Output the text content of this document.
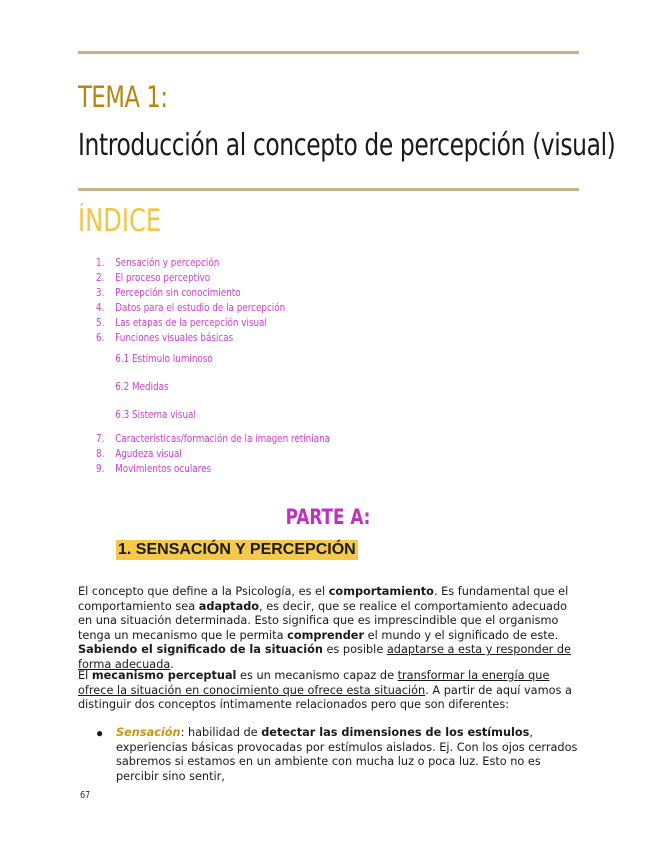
TEMA 1:
Introducción al concepto de percepción (visual)
ÍNDICE
1. Sensación y percepción
2. El proceso perceptivo
3. Percepción sin conocimiento
4. Datos para el estudio de la percepción
5. Las etapas de la percepción visual
6. Funciones visuales básicas
6.1 Estímulo luminoso
6.2 Medidas
6.3 Sistema visual
7. Características/formación de la imagen retiniana
8. Agudeza visual
9. Movimientos oculares
PARTE A:
1. SENSACIÓN Y PERCEPCIÓN

El concepto que define a la Psicología, es el comportamiento. Es fundamental que el comportamiento sea adaptado, es decir, que se realice el comportamiento adecuado en una situación determinada. Esto significa que es imprescindible que el organismo tenga un mecanismo que le permita comprender el mundo y el significado de este. Sabiendo el significado de la situación es posible adaptarse a esta y responder de forma adecuada.

El mecanismo perceptual es un mecanismo capaz de transformar la energía que ofrece la situación en conocimiento que ofrece esta situación. A partir de aquí vamos a distinguir dos conceptos íntimamente relacionados pero que son diferentes:

●	Sensación: habilidad de detectar las dimensiones de los estímulos, experiencias básicas provocadas por estímulos aislados. Ej. Con los ojos cerrados sabremos si estamos en un ambiente con mucha luz o poca luz. Esto no es percibir sino sentir,

67
